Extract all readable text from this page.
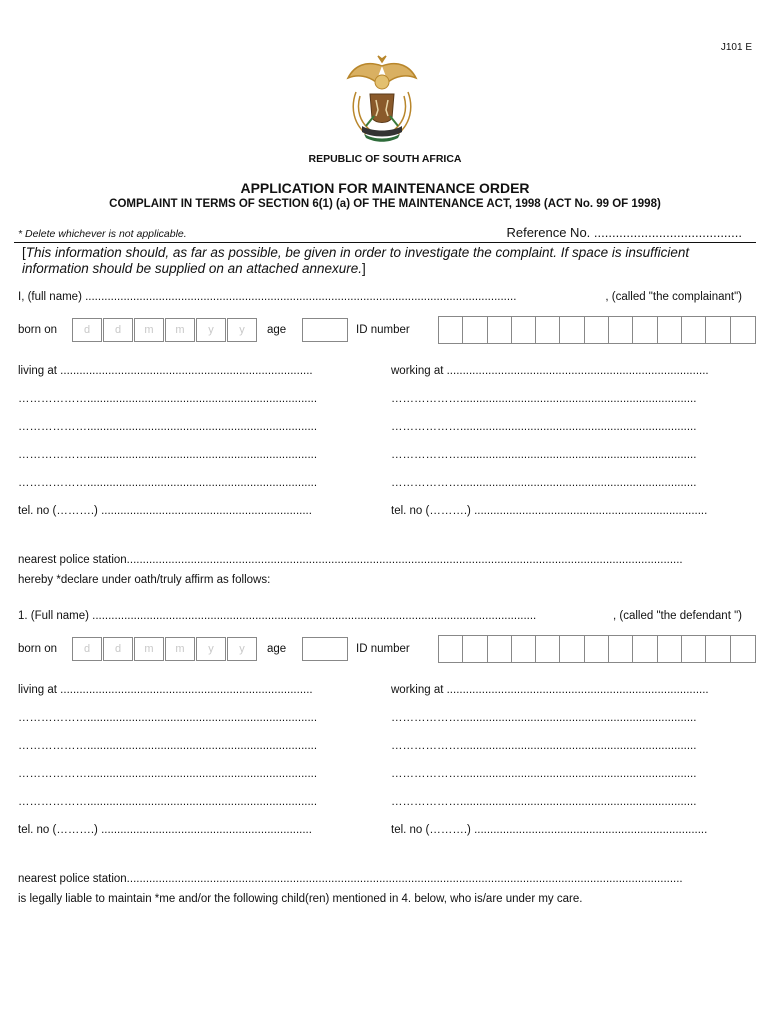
J101 E
REPUBLIC OF SOUTH AFRICA
APPLICATION FOR MAINTENANCE ORDER
COMPLAINT IN TERMS OF SECTION 6(1) (a) OF THE MAINTENANCE ACT, 1998 (ACT No. 99 OF 1998)
* Delete whichever is not applicable.	Reference No. .........................................
[This information should, as far as possible, be given in order to investigate the complaint. If space is insufficient information should be supplied on an attached annexure.]
I, (full name) .......................................................................................................................................	, (called "the complainant")
born on	d	d	m	m	y	y	age	ID number
living at ...............................................................................	working at ..................................................................................
………………........................................................................	………………..........................................................................
………………........................................................................	………………..........................................................................
………………........................................................................	………………..........................................................................
………………........................................................................	………………..........................................................................
tel. no (……….) ..................................................................	tel. no (……….) .........................................................................
nearest police station..............................................................................................................................................................................
hereby *declare under oath/truly affirm as follows:
1. (Full name) ...........................................................................................................................................	, (called "the defendant ")
born on	d	d	m	m	y	y	age	ID number
living at ...............................................................................	working at ..................................................................................
………………........................................................................	………………..........................................................................
………………........................................................................	………………..........................................................................
………………........................................................................	………………..........................................................................
………………........................................................................	………………..........................................................................
tel. no (……….) ..................................................................	tel. no (……….) .........................................................................
nearest police station..............................................................................................................................................................................
is legally liable to maintain *me and/or the following child(ren) mentioned in 4. below, who is/are under my care.
